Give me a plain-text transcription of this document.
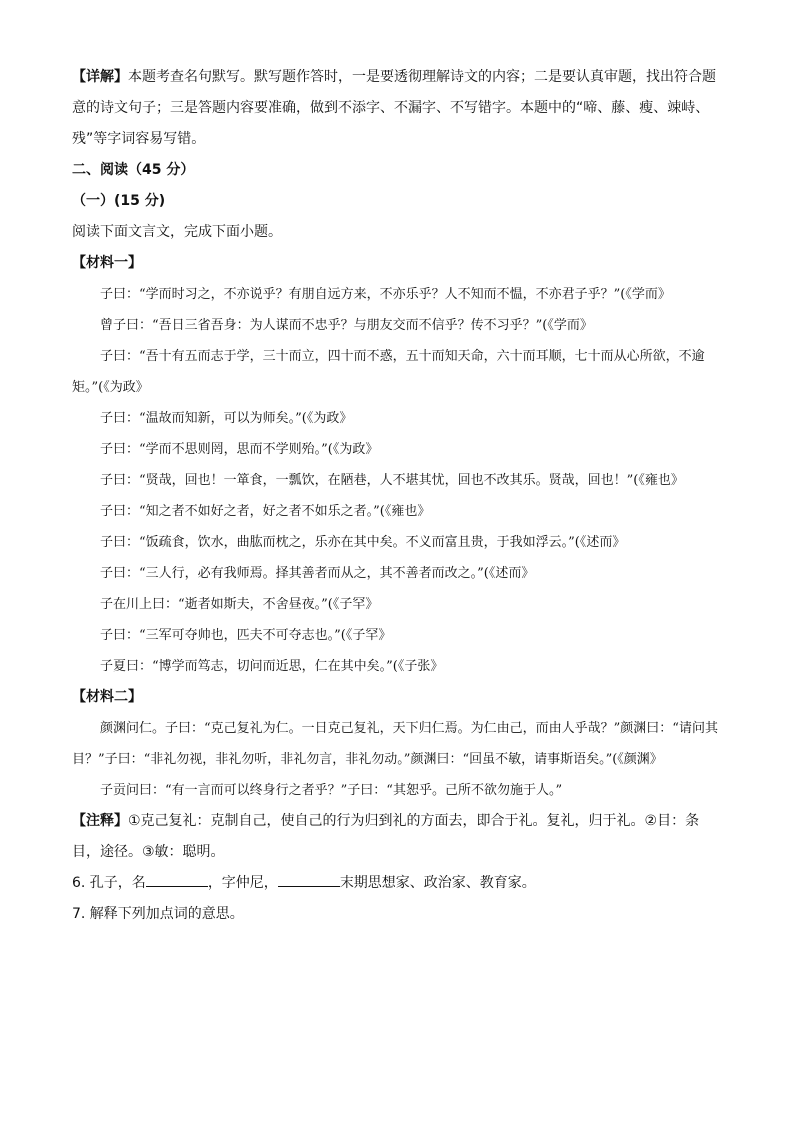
【详解】本题考查名句默写。默写题作答时，一是要透彻理解诗文的内容；二是要认真审题，找出符合题意的诗文句子；三是答题内容要准确，做到不添字、不漏字、不写错字。本题中的“啼、藤、瘦、竦峙、残”等字词容易写错。

二、阅读（45 分）

（一）(15 分)

阅读下面文言文，完成下面小题。

【材料一】

子曰：“学而时习之，不亦说乎？有朋自远方来，不亦乐乎？人不知而不愠，不亦君子乎？”(《学而》

曾子曰：“吾日三省吾身：为人谋而不忠乎？与朋友交而不信乎？传不习乎？”(《学而》

子曰：“吾十有五而志于学，三十而立，四十而不惑，五十而知天命，六十而耳顺，七十而从心所欲，不逾矩。”(《为政》

子曰：“温故而知新，可以为师矣。”(《为政》

子曰：“学而不思则罔，思而不学则殆。”(《为政》

子曰：“贤哉，回也！一箪食，一瓢饮，在陋巷，人不堪其忧，回也不改其乐。贤哉，回也！”(《雍也》

子曰：“知之者不如好之者，好之者不如乐之者。”(《雍也》

子曰：“饭疏食，饮水，曲肱而枕之，乐亦在其中矣。不义而富且贵，于我如浮云。”(《述而》

子曰：“三人行，必有我师焉。择其善者而从之，其不善者而改之。”(《述而》

子在川上曰：“逝者如斯夫，不舍昼夜。”(《子罕》

子曰：“三军可夺帅也，匹夫不可夺志也。”(《子罕》

子夏曰：“博学而笃志，切问而近思，仁在其中矣。”(《子张》

【材料二】

颜渊问仁。子曰：“克己复礼为仁。一日克己复礼，天下归仁焉。为仁由己，而由人乎哉？”颜渊曰：“请问其目？”子曰：“非礼勿视，非礼勿听，非礼勿言，非礼勿动。”颜渊曰：“回虽不敏，请事斯语矣。”(《颜渊》

子贡问曰：“有一言而可以终身行之者乎？”子曰：“其恕乎。己所不欲勿施于人。”

【注释】①克己复礼：克制自己，使自己的行为归到礼的方面去，即合于礼。复礼，归于礼。②目：条目，途径。③敏：聪明。

6. 孔子，名	，字仲尼，	末期思想家、政治家、教育家。

7. 解释下列加点词的意思。
